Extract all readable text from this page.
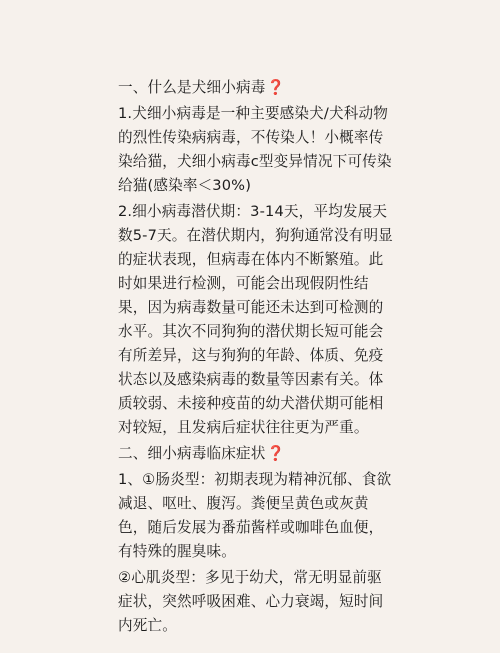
一、什么是犬细小病毒❓
1.犬细小病毒是一种主要感染犬/犬科动物的烈性传染病病毒，不传染人！小概率传染给猫，犬细小病毒c型变异情况下可传染给猫(感染率＜30%)
2.细小病毒潜伏期：3-14天，平均发展天数5-7天。在潜伏期内，狗狗通常没有明显的症状表现，但病毒在体内不断繁殖。此时如果进行检测，可能会出现假阴性结果，因为病毒数量可能还未达到可检测的水平。其次不同狗狗的潜伏期长短可能会有所差异，这与狗狗的年龄、体质、免疫状态以及感染病毒的数量等因素有关。体质较弱、未接种疫苗的幼犬潜伏期可能相对较短，且发病后症状往往更为严重。
二、细小病毒临床症状❓
1、①肠炎型：初期表现为精神沉郁、食欲减退、呕吐、腹泻。粪便呈黄色或灰黄色，随后发展为番茄酱样或咖啡色血便，有特殊的腥臭味。
②心肌炎型：多见于幼犬，常无明显前驱症状，突然呼吸困难、心力衰竭，短时间内死亡。
